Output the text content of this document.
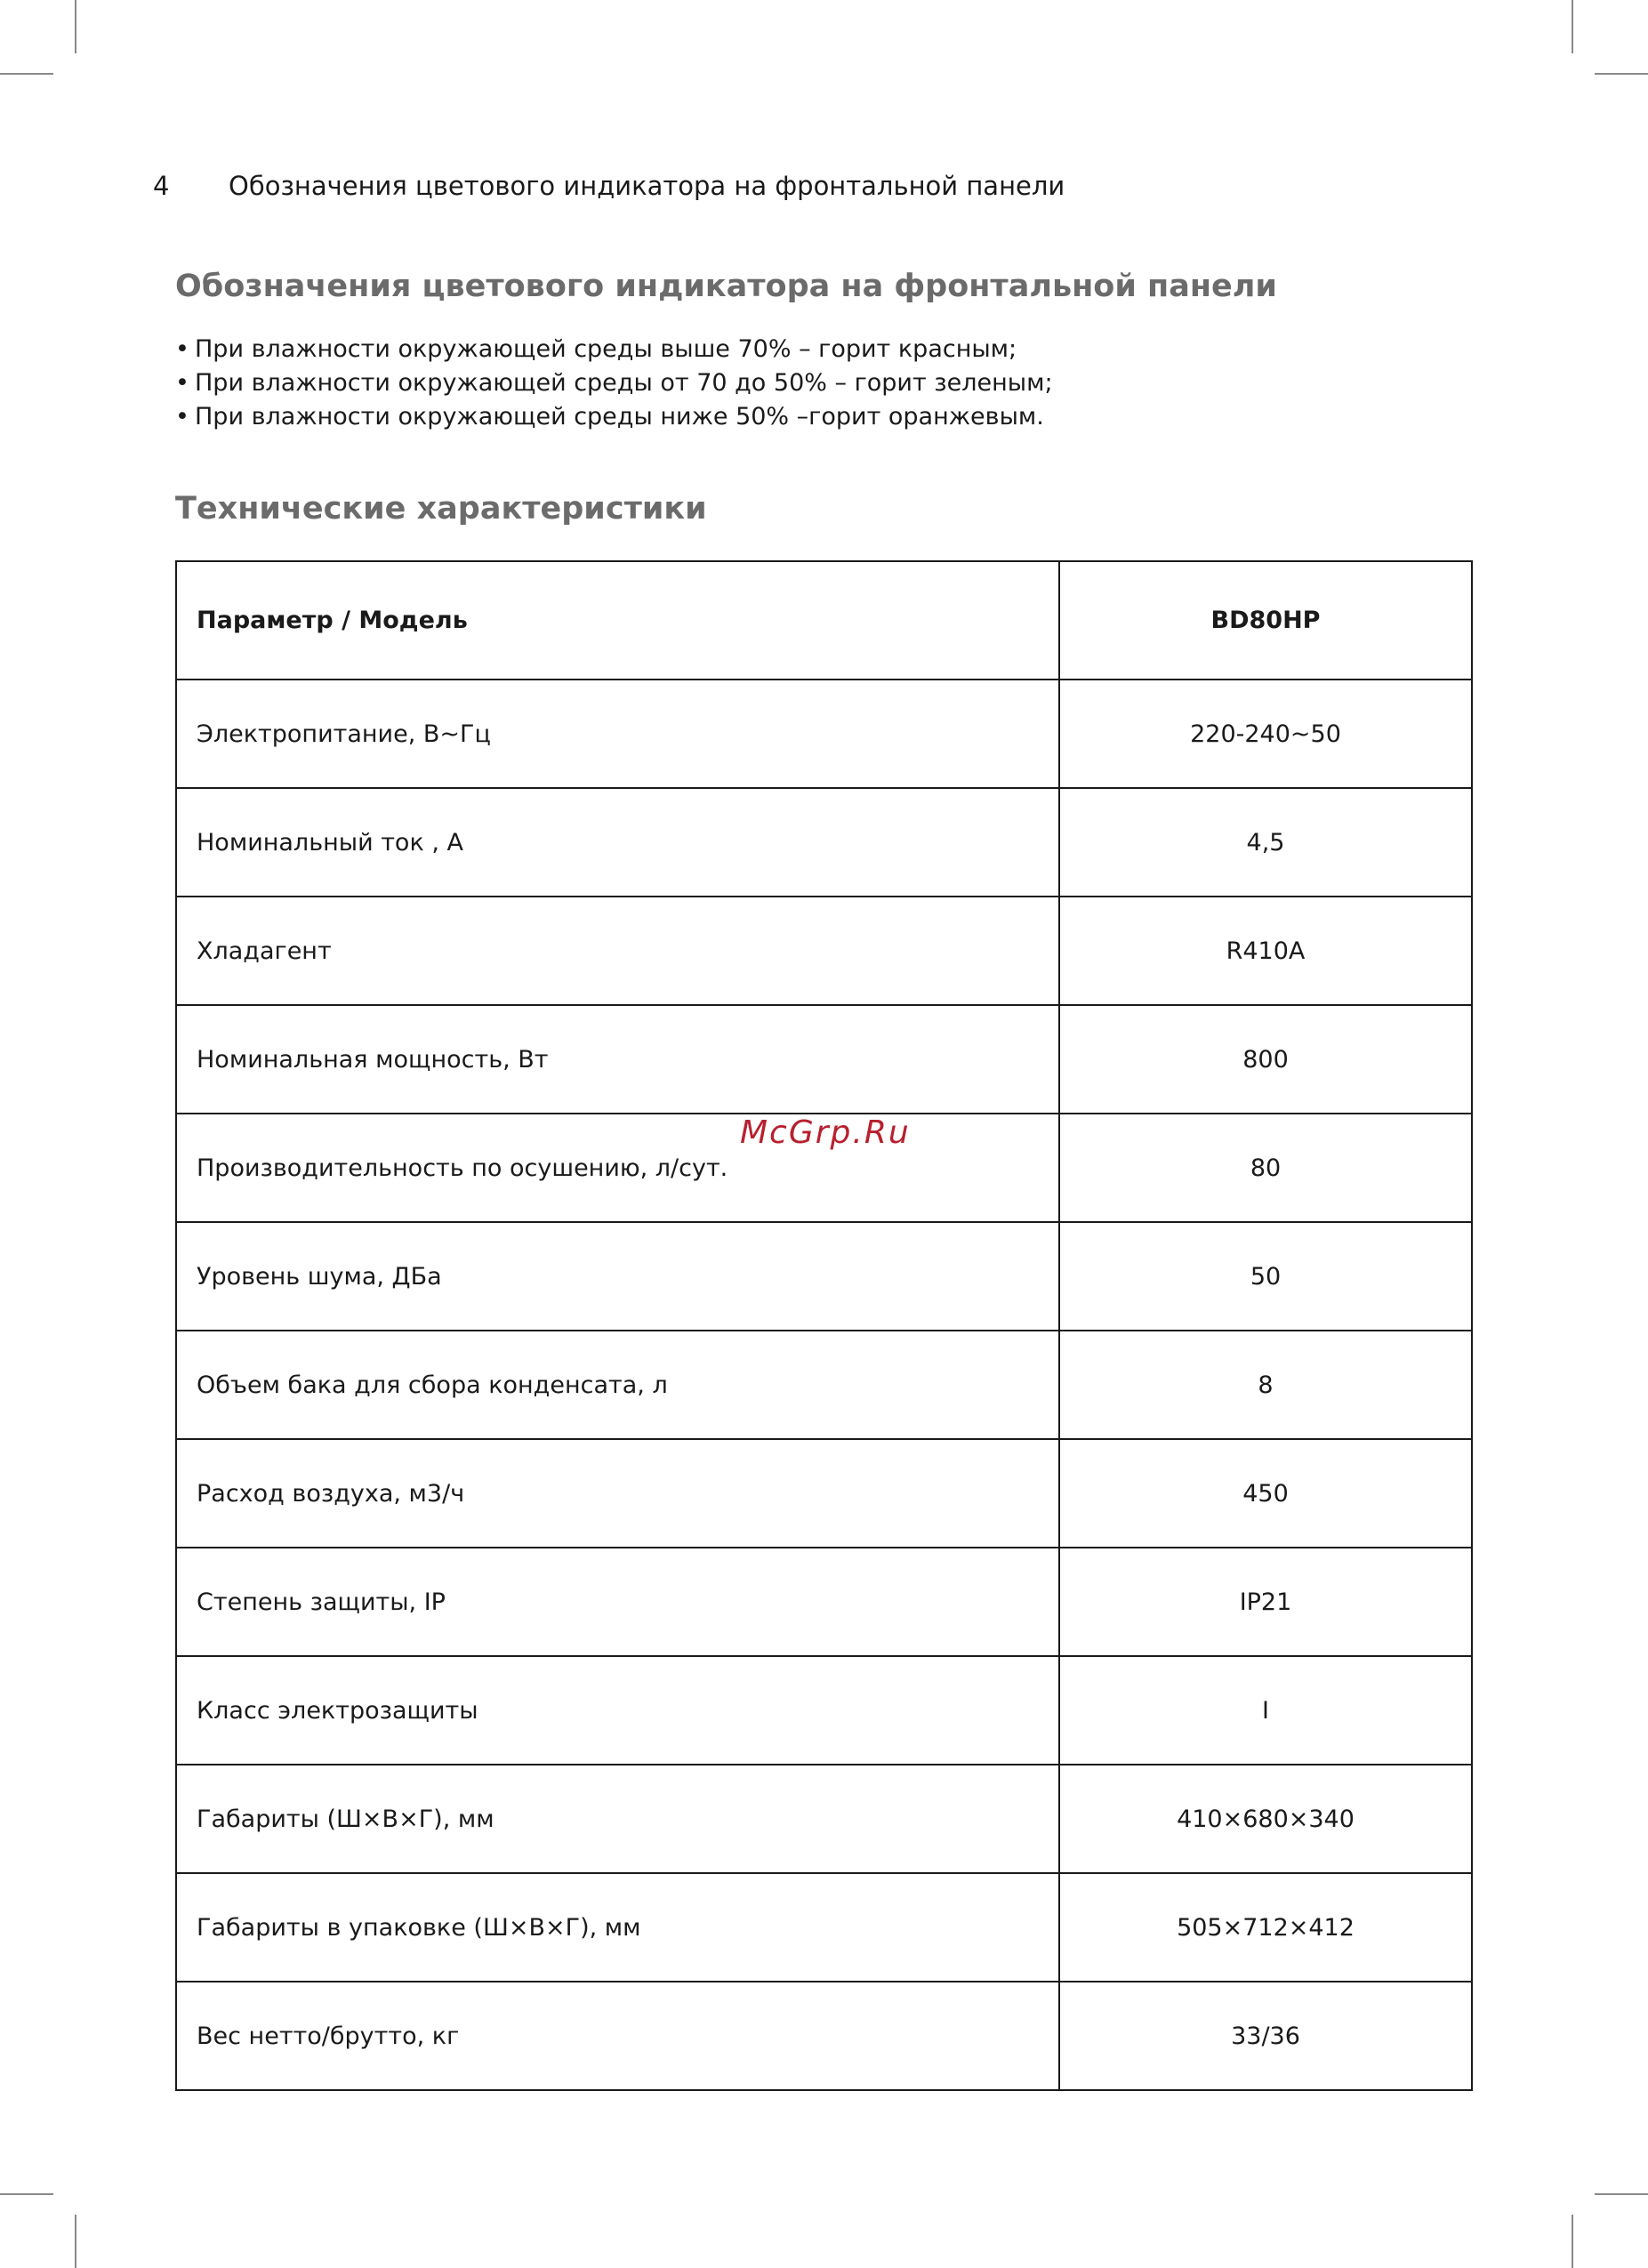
4	Обозначения цветового индикатора на фронтальной панели
Обозначения цветового индикатора на фронтальной панели
• При влажности окружающей среды выше 70% – горит красным;
• При влажности окружающей среды от 70 до 50% – горит зеленым;
• При влажности окружающей среды ниже 50% –горит оранжевым.
Технические характеристики
Параметр / Модель	BD80HP
Электропитание, В~Гц	220-240~50
Номинальный ток , А	4,5
Хладагент	R410A
Номинальная мощность, Вт	800
Производительность по осушению, л/сут.	80
Уровень шума, ДБа	50
Объем бака для сбора конденсата, л	8
Расход воздуха, м3/ч	450
Степень защиты, IP	IP21
Класс электрозащиты	I
Габариты (Ш×В×Г), мм	410×680×340
Габариты в упаковке (Ш×В×Г), мм	505×712×412
Вес нетто/брутто, кг	33/36
McGrp.Ru
